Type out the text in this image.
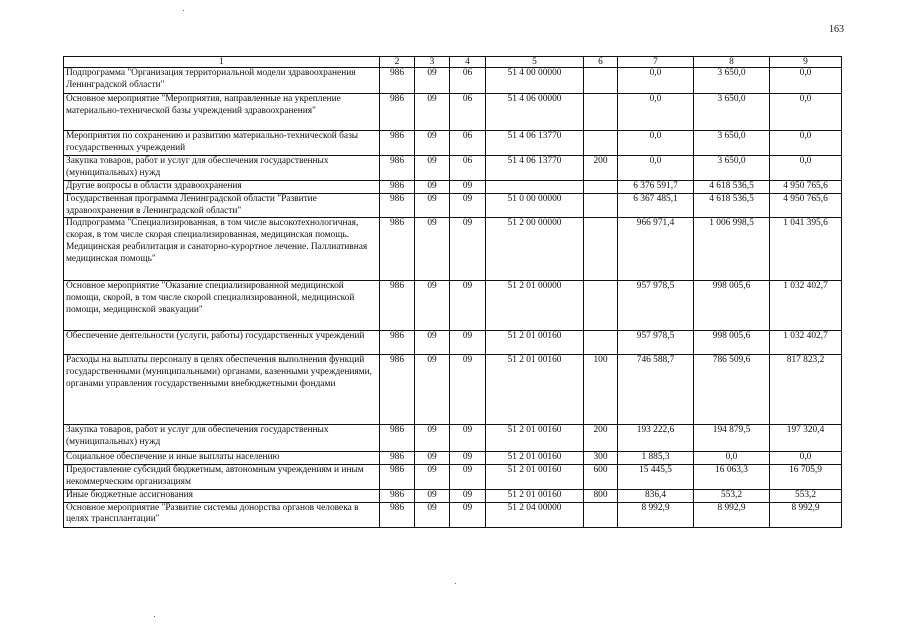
163
1	2	3	4	5	6	7	8	9
Подпрограмма "Организация территориальной модели здравоохранения Ленинградской области"	986	09	06	51 4 00 00000		0,0	3 650,0	0,0
Основное мероприятие "Мероприятия, направленные на укрепление материально-технической базы учреждений здравоохранения"	986	09	06	51 4 06 00000		0,0	3 650,0	0,0
Мероприятия по сохранению и развитию материально-технической базы государственных учреждений	986	09	06	51 4 06 13770		0,0	3 650,0	0,0
Закупка товаров, работ и услуг для обеспечения государственных (муниципальных) нужд	986	09	06	51 4 06 13770	200	0,0	3 650,0	0,0
Другие вопросы в области здравоохранения	986	09	09			6 376 591,7	4 618 536,5	4 950 765,6
Государственная программа Ленинградской области "Развитие здравоохранения в Ленинградской области"	986	09	09	51 0 00 00000		6 367 485,1	4 618 536,5	4 950 765,6
Подпрограмма "Специализированная, в том числе высокотехнологичная, скорая, в том числе скорая специализированная, медицинская помощь. Медицинская реабилитация и санаторно-курортное лечение. Паллиативная медицинская помощь"	986	09	09	51 2 00 00000		966 971,4	1 006 998,5	1 041 395,6
Основное мероприятие "Оказание специализированной медицинской помощи, скорой, в том числе скорой специализированной, медицинской помощи, медицинской эвакуации"	986	09	09	51 2 01 00000		957 978,5	998 005,6	1 032 402,7
Обеспечение деятельности (услуги, работы) государственных учреждений	986	09	09	51 2 01 00160		957 978,5	998 005,6	1 032 402,7
Расходы на выплаты персоналу в целях обеспечения выполнения функций государственными (муниципальными) органами, казенными учреждениями, органами управления государственными внебюджетными фондами	986	09	09	51 2 01 00160	100	746 588,7	786 509,6	817 823,2
Закупка товаров, работ и услуг для обеспечения государственных (муниципальных) нужд	986	09	09	51 2 01 00160	200	193 222,6	194 879,5	197 320,4
Социальное обеспечение и иные выплаты населению	986	09	09	51 2 01 00160	300	1 885,3	0,0	0,0
Предоставление субсидий бюджетным, автономным учреждениям и иным некоммерческим организациям	986	09	09	51 2 01 00160	600	15 445,5	16 063,3	16 705,9
Иные бюджетные ассигнования	986	09	09	51 2 01 00160	800	836,4	553,2	553,2
Основное мероприятие "Развитие системы донорства органов человека в целях трансплантации"	986	09	09	51 2 04 00000		8 992,9	8 992,9	8 992,9
